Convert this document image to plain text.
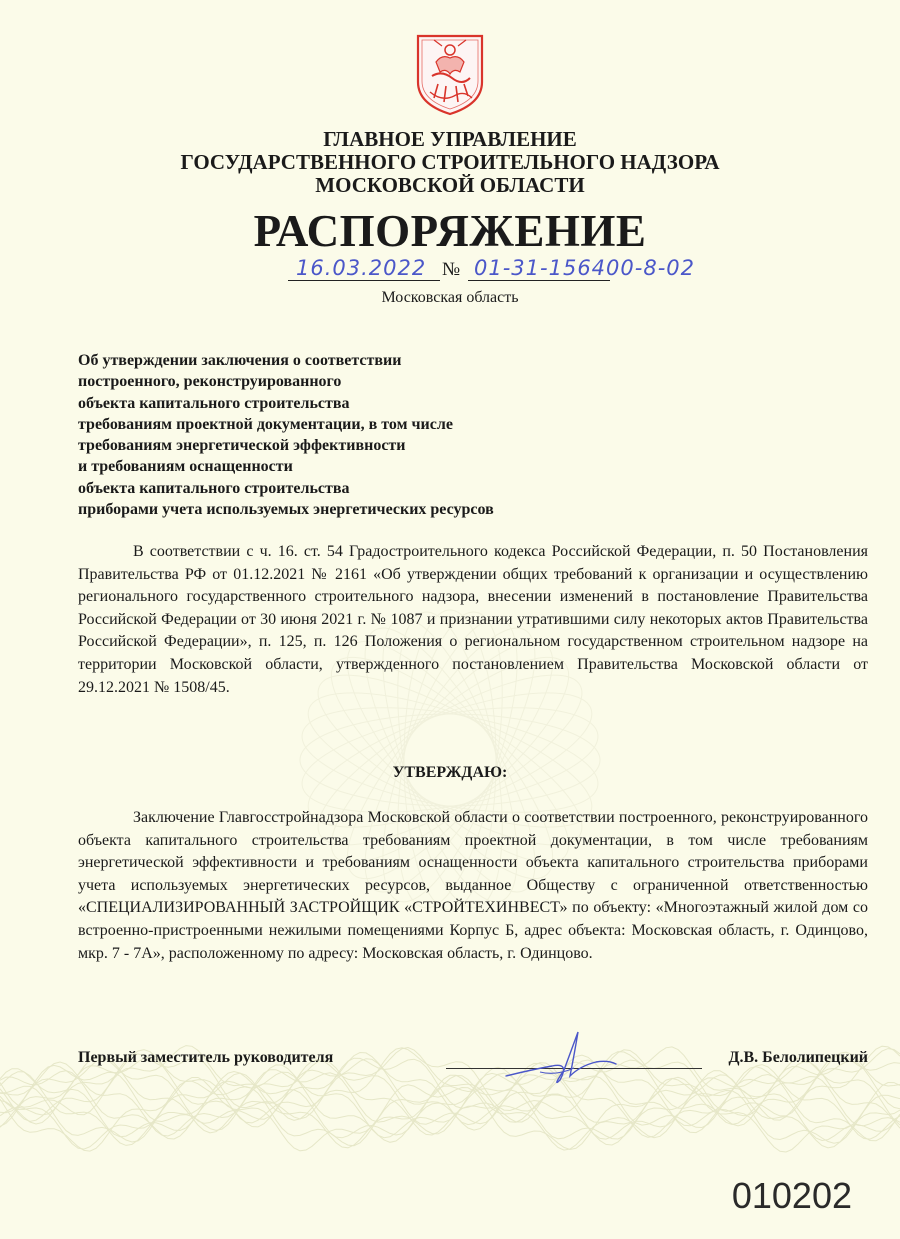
ГЛАВНОЕ УПРАВЛЕНИЕ
ГОСУДАРСТВЕННОГО СТРОИТЕЛЬНОГО НАДЗОРА
МОСКОВСКОЙ ОБЛАСТИ
РАСПОРЯЖЕНИЕ
16.03.2022 № 01-31-156400-8-02
Московская область
Об утверждении заключения о соответствии
построенного, реконструированного
объекта капитального строительства
требованиям проектной документации, в том числе
требованиям энергетической эффективности
и требованиям оснащенности
объекта капитального строительства
приборами учета используемых энергетических ресурсов
В соответствии с ч. 16. ст. 54 Градостроительного кодекса Российской Федерации, п. 50 Постановления Правительства РФ от 01.12.2021 № 2161 «Об утверждении общих требований к организации и осуществлению регионального государственного строительного надзора, внесении изменений в постановление Правительства Российской Федерации от 30 июня 2021 г. № 1087 и признании утратившими силу некоторых актов Правительства Российской Федерации», п. 125, п. 126 Положения о региональном государственном строительном надзоре на территории Московской области, утвержденного постановлением Правительства Московской области от 29.12.2021 № 1508/45.
УТВЕРЖДАЮ:
Заключение Главгосстройнадзора Московской области о соответствии построенного, реконструированного объекта капитального строительства требованиям проектной документации, в том числе требованиям энергетической эффективности и требованиям оснащенности объекта капитального строительства приборами учета используемых энергетических ресурсов, выданное Обществу с ограниченной ответственностью «СПЕЦИАЛИЗИРОВАННЫЙ ЗАСТРОЙЩИК «СТРОЙТЕХИНВЕСТ» по объекту: «Многоэтажный жилой дом со встроенно-пристроенными нежилыми помещениями Корпус Б, адрес объекта: Московская область, г. Одинцово, мкр. 7 - 7А», расположенному по адресу: Московская область, г. Одинцово.
Первый заместитель руководителя	Д.В. Белолипецкий
010202
